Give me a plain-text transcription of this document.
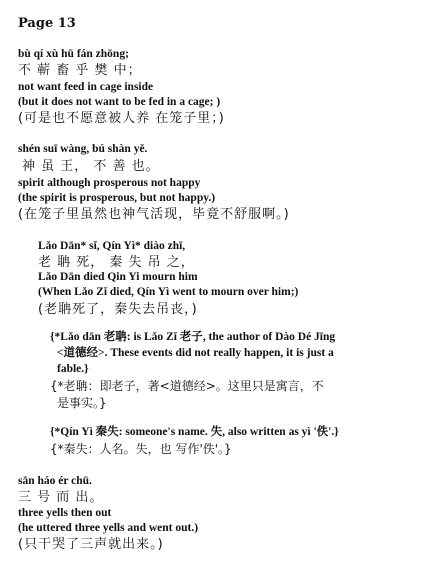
Page 13
bù qí xù hū fán zhōng;
不 蕲 畜 乎 樊 中；
not want feed in cage inside
(but it does not want to be fed in a cage; )
(可是也不愿意被人养 在笼子里；)
shén suī wàng, bú shàn yě.
神 虽 王， 不 善 也。
spirit although prosperous not happy
(the spirit is prosperous, but not happy.)
(在笼子里虽然也神气活现，毕竟不舒服啊。)
Lǎo Dān* sǐ, Qín Yì* diào zhī,
老 聃 死， 秦 失 吊 之，
Lǎo Dān died Qin Yi mourn him
(When Lǎo Zǐ died, Qín Yì went to mourn over him;)
(老聃死了，秦失去吊丧，)
{*Lǎo dān 老聃: is Lǎo Zǐ 老子, the author of Dào Dé Jīng
<道德经>. These events did not really happen, it is just a
fable.}
{*老聃：即老子，著<道德经>。这里只是寓言，不
是事实。}
{*Qín Yì 秦失: someone's name. 失, also written as yì '佚'.}
{*秦失：人名。失，也 写作'佚'。}
sān háo ér chū.
三 号 而 出。
three yells then out
(he uttered three yells and went out.)
(只干哭了三声就出来。)
